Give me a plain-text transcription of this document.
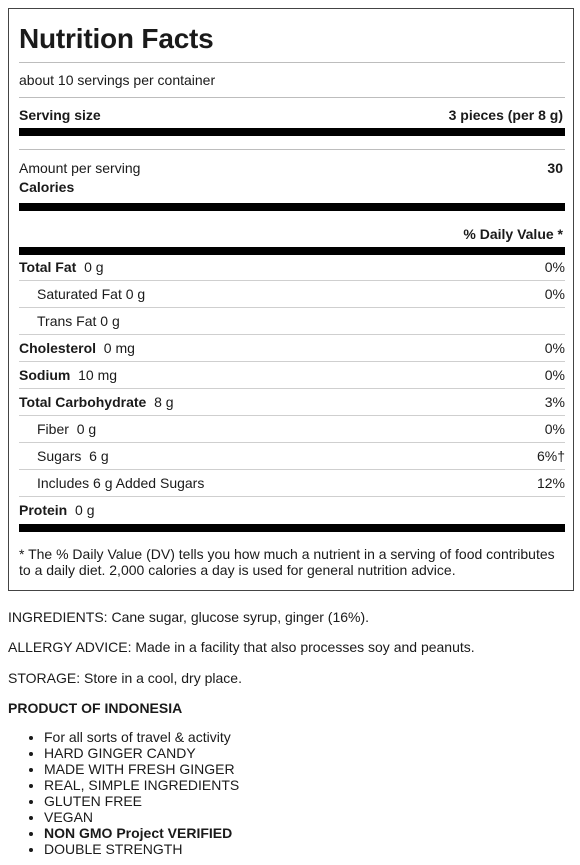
Nutrition Facts
about 10 servings per container
Serving size	3 pieces (per 8 g)
Amount per serving	30
Calories
% Daily Value *
Total Fat 0 g	0%
Saturated Fat 0 g	0%
Trans Fat 0 g
Cholesterol 0 mg	0%
Sodium 10 mg	0%
Total Carbohydrate 8 g	3%
Fiber 0 g	0%
Sugars 6 g	6%†
Includes 6 g Added Sugars	12%
Protein 0 g
* The % Daily Value (DV) tells you how much a nutrient in a serving of food contributes to a daily diet. 2,000 calories a day is used for general nutrition advice.
INGREDIENTS: Cane sugar, glucose syrup, ginger (16%).
ALLERGY ADVICE: Made in a facility that also processes soy and peanuts.
STORAGE: Store in a cool, dry place.
PRODUCT OF INDONESIA
• For all sorts of travel & activity
• HARD GINGER CANDY
• MADE WITH FRESH GINGER
• REAL, SIMPLE INGREDIENTS
• GLUTEN FREE
• VEGAN
• NON GMO Project VERIFIED
• DOUBLE STRENGTH
